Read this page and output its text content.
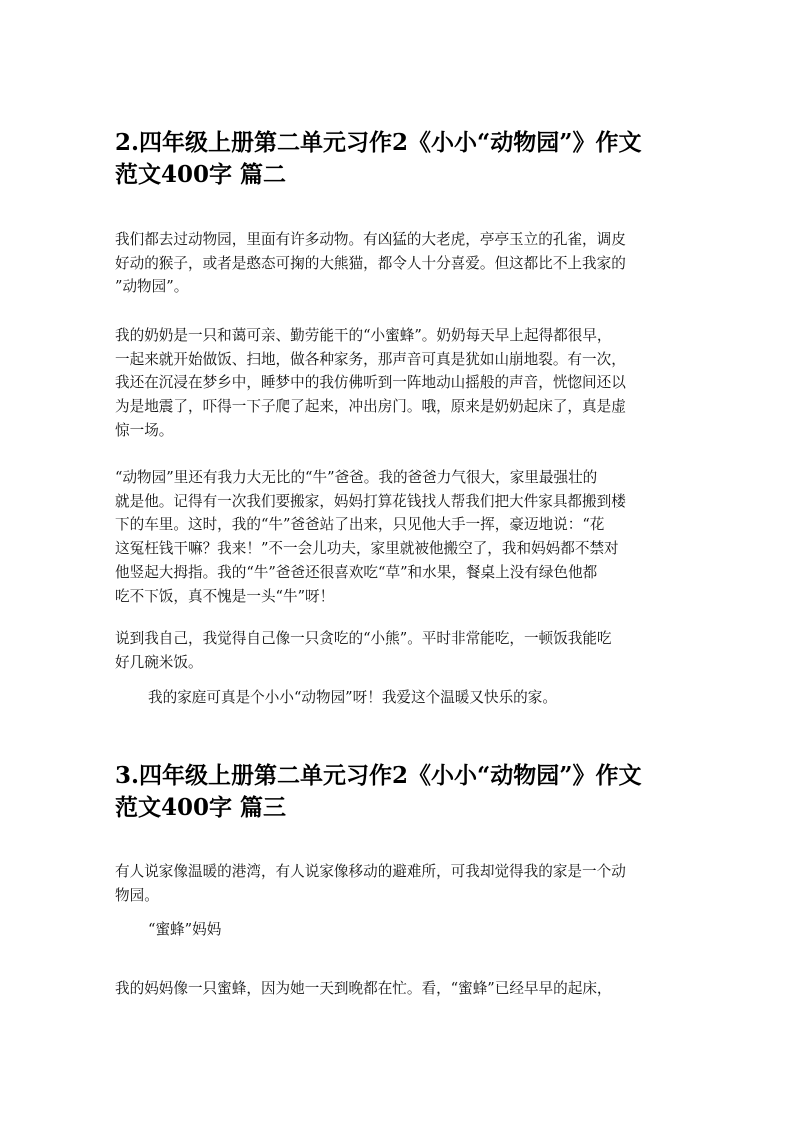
2.四年级上册第二单元习作2《小小“动物园”》作文
范文400字 篇二

我们都去过动物园，里面有许多动物。有凶猛的大老虎，亭亭玉立的孔雀，调皮
好动的猴子，或者是憨态可掬的大熊猫，都令人十分喜爱。但这都比不上我家的
”动物园”。

我的奶奶是一只和蔼可亲、勤劳能干的“小蜜蜂”。奶奶每天早上起得都很早，
一起来就开始做饭、扫地，做各种家务，那声音可真是犹如山崩地裂。有一次，
我还在沉浸在梦乡中，睡梦中的我仿佛听到一阵地动山摇般的声音，恍惚间还以
为是地震了，吓得一下子爬了起来，冲出房门。哦，原来是奶奶起床了，真是虚
惊一场。

“动物园”里还有我力大无比的“牛”爸爸。我的爸爸力气很大，家里最强壮的
就是他。记得有一次我们要搬家，妈妈打算花钱找人帮我们把大件家具都搬到楼
下的车里。这时，我的“牛”爸爸站了出来，只见他大手一挥，豪迈地说：“花
这冤枉钱干嘛？我来！”不一会儿功夫，家里就被他搬空了，我和妈妈都不禁对
他竖起大拇指。我的“牛”爸爸还很喜欢吃“草”和水果，餐桌上没有绿色他都
吃不下饭，真不愧是一头“牛”呀！

说到我自己，我觉得自己像一只贪吃的“小熊”。平时非常能吃，一顿饭我能吃
好几碗米饭。

我的家庭可真是个小小“动物园”呀！我爱这个温暖又快乐的家。

3.四年级上册第二单元习作2《小小“动物园”》作文
范文400字 篇三

有人说家像温暖的港湾，有人说家像移动的避难所，可我却觉得我的家是一个动
物园。

“蜜蜂”妈妈

我的妈妈像一只蜜蜂，因为她一天到晚都在忙。看，“蜜蜂”已经早早的起床，
